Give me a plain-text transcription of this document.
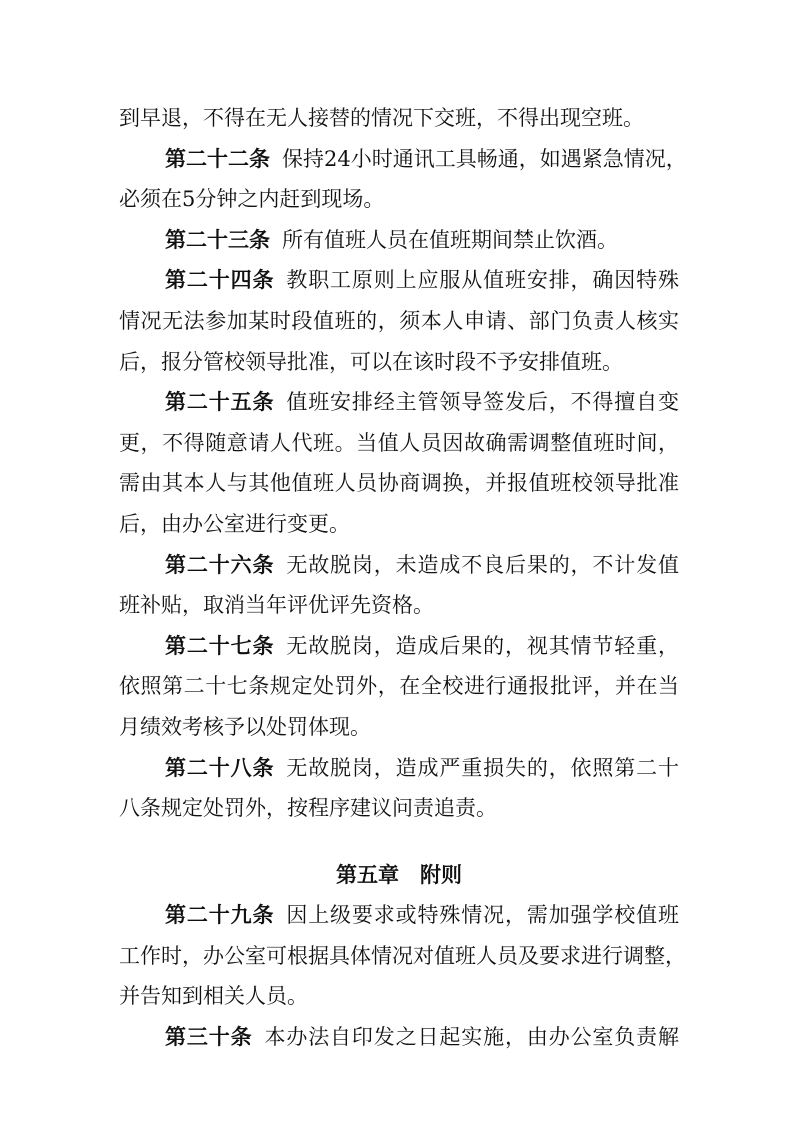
到早退，不得在无人接替的情况下交班，不得出现空班。
第二十二条 保持24小时通讯工具畅通，如遇紧急情况，
必须在5分钟之内赶到现场。
第二十三条 所有值班人员在值班期间禁止饮酒。
第二十四条 教职工原则上应服从值班安排，确因特殊
情况无法参加某时段值班的，须本人申请、部门负责人核实
后，报分管校领导批准，可以在该时段不予安排值班。
第二十五条 值班安排经主管领导签发后，不得擅自变
更，不得随意请人代班。当值人员因故确需调整值班时间，
需由其本人与其他值班人员协商调换，并报值班校领导批准
后，由办公室进行变更。
第二十六条 无故脱岗，未造成不良后果的，不计发值
班补贴，取消当年评优评先资格。
第二十七条 无故脱岗，造成后果的，视其情节轻重，
依照第二十七条规定处罚外，在全校进行通报批评，并在当
月绩效考核予以处罚体现。
第二十八条 无故脱岗，造成严重损失的，依照第二十
八条规定处罚外，按程序建议问责追责。
第五章　附则
第二十九条 因上级要求或特殊情况，需加强学校值班
工作时，办公室可根据具体情况对值班人员及要求进行调整，
并告知到相关人员。
第三十条 本办法自印发之日起实施，由办公室负责解
